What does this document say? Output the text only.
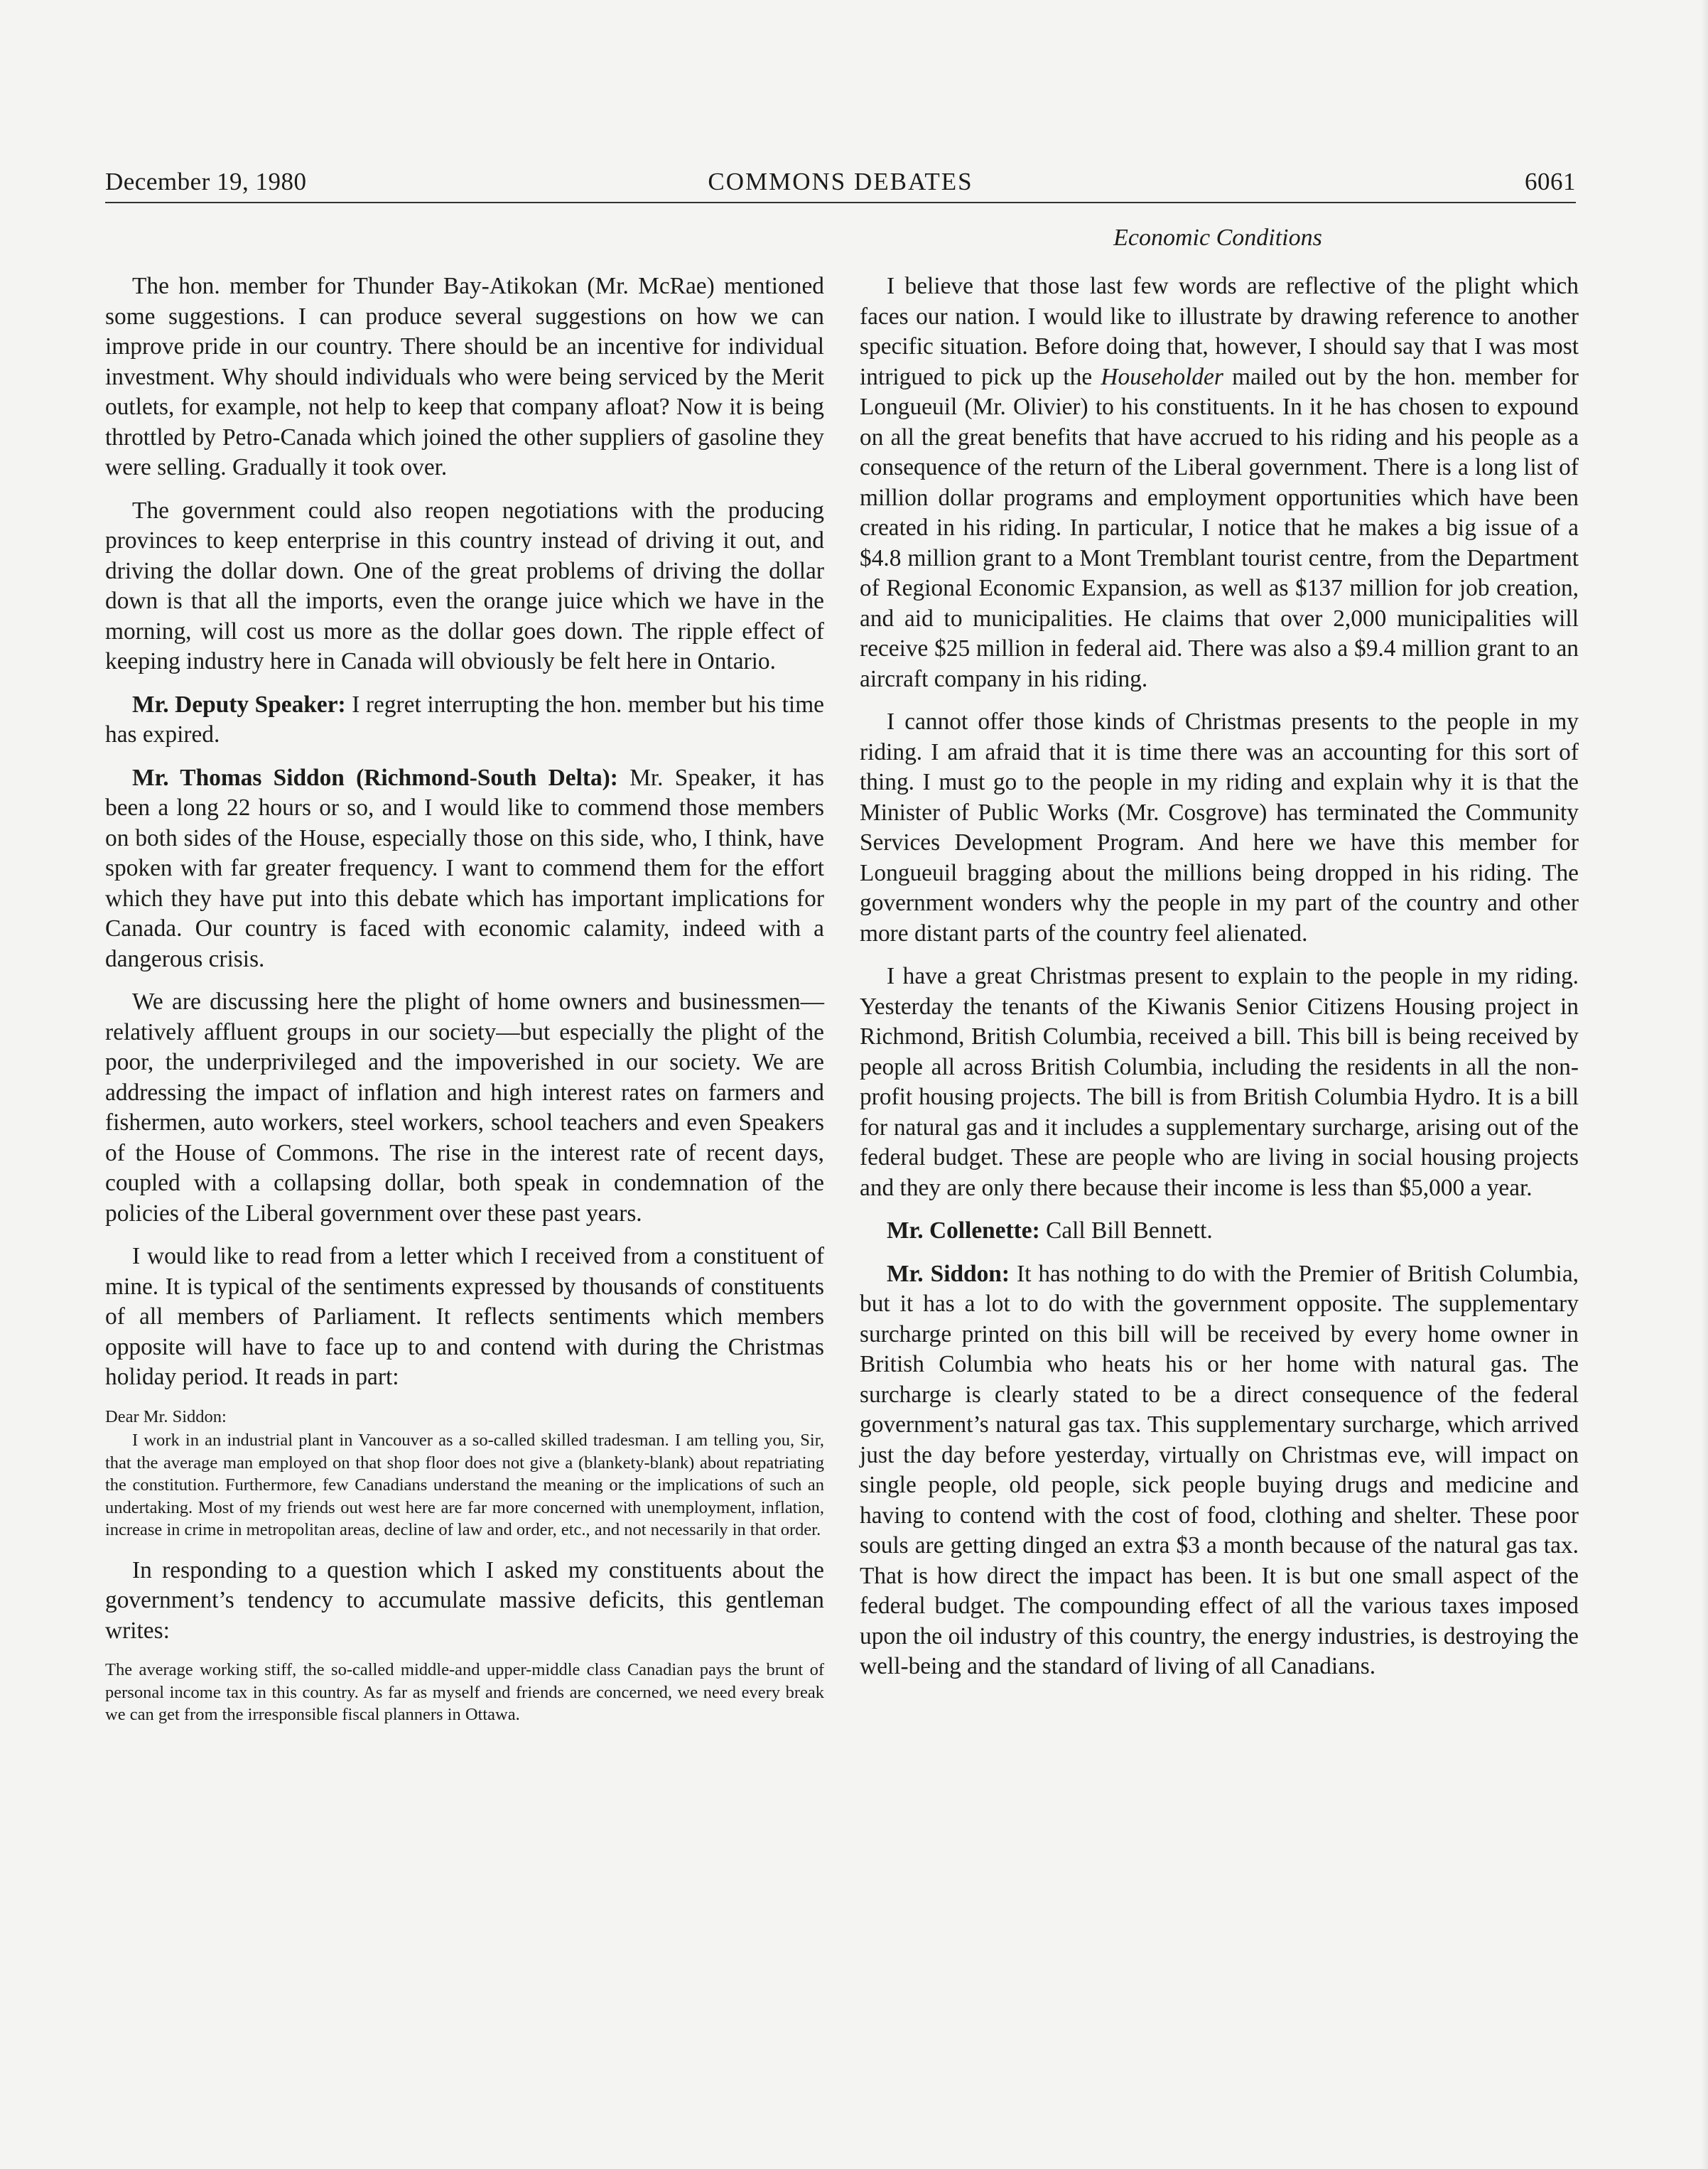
December 19, 1980	COMMONS DEBATES	6061
Economic Conditions

The hon. member for Thunder Bay-Atikokan (Mr. McRae) mentioned some suggestions. I can produce several suggestions on how we can improve pride in our country. There should be an incentive for individual investment. Why should individuals who were being serviced by the Merit outlets, for example, not help to keep that company afloat? Now it is being throttled by Petro-Canada which joined the other suppliers of gasoline they were selling. Gradually it took over.

The government could also reopen negotiations with the producing provinces to keep enterprise in this country instead of driving it out, and driving the dollar down. One of the great problems of driving the dollar down is that all the imports, even the orange juice which we have in the morning, will cost us more as the dollar goes down. The ripple effect of keeping industry here in Canada will obviously be felt here in Ontario.

Mr. Deputy Speaker: I regret interrupting the hon. member but his time has expired.

Mr. Thomas Siddon (Richmond-South Delta): Mr. Speaker, it has been a long 22 hours or so, and I would like to commend those members on both sides of the House, especially those on this side, who, I think, have spoken with far greater frequency. I want to commend them for the effort which they have put into this debate which has important implications for Canada. Our country is faced with economic calamity, indeed with a dangerous crisis.

We are discussing here the plight of home owners and businessmen—relatively affluent groups in our society—but especially the plight of the poor, the underprivileged and the impoverished in our society. We are addressing the impact of inflation and high interest rates on farmers and fishermen, auto workers, steel workers, school teachers and even Speakers of the House of Commons. The rise in the interest rate of recent days, coupled with a collapsing dollar, both speak in condemnation of the policies of the Liberal government over these past years.

I would like to read from a letter which I received from a constituent of mine. It is typical of the sentiments expressed by thousands of constituents of all members of Parliament. It reflects sentiments which members opposite will have to face up to and contend with during the Christmas holiday period. It reads in part:

Dear Mr. Siddon:

I work in an industrial plant in Vancouver as a so-called skilled tradesman. I am telling you, Sir, that the average man employed on that shop floor does not give a (blankety-blank) about repatriating the constitution. Furthermore, few Canadians understand the meaning or the implications of such an undertaking. Most of my friends out west here are far more concerned with unemployment, inflation, increase in crime in metropolitan areas, decline of law and order, etc., and not necessarily in that order.

In responding to a question which I asked my constituents about the government’s tendency to accumulate massive deficits, this gentleman writes:

The average working stiff, the so-called middle-and upper-middle class Canadian pays the brunt of personal income tax in this country. As far as myself and friends are concerned, we need every break we can get from the irresponsible fiscal planners in Ottawa.

I believe that those last few words are reflective of the plight which faces our nation. I would like to illustrate by drawing reference to another specific situation. Before doing that, however, I should say that I was most intrigued to pick up the Householder mailed out by the hon. member for Longueuil (Mr. Olivier) to his constituents. In it he has chosen to expound on all the great benefits that have accrued to his riding and his people as a consequence of the return of the Liberal government. There is a long list of million dollar programs and employment opportunities which have been created in his riding. In particular, I notice that he makes a big issue of a $4.8 million grant to a Mont Tremblant tourist centre, from the Department of Regional Economic Expansion, as well as $137 million for job creation, and aid to municipalities. He claims that over 2,000 municipalities will receive $25 million in federal aid. There was also a $9.4 million grant to an aircraft company in his riding.

I cannot offer those kinds of Christmas presents to the people in my riding. I am afraid that it is time there was an accounting for this sort of thing. I must go to the people in my riding and explain why it is that the Minister of Public Works (Mr. Cosgrove) has terminated the Community Services Development Program. And here we have this member for Longueuil bragging about the millions being dropped in his riding. The government wonders why the people in my part of the country and other more distant parts of the country feel alienated.

I have a great Christmas present to explain to the people in my riding. Yesterday the tenants of the Kiwanis Senior Citizens Housing project in Richmond, British Columbia, received a bill. This bill is being received by people all across British Columbia, including the residents in all the non-profit housing projects. The bill is from British Columbia Hydro. It is a bill for natural gas and it includes a supplementary surcharge, arising out of the federal budget. These are people who are living in social housing projects and they are only there because their income is less than $5,000 a year.

Mr. Collenette: Call Bill Bennett.

Mr. Siddon: It has nothing to do with the Premier of British Columbia, but it has a lot to do with the government opposite. The supplementary surcharge printed on this bill will be received by every home owner in British Columbia who heats his or her home with natural gas. The surcharge is clearly stated to be a direct consequence of the federal government’s natural gas tax. This supplementary surcharge, which arrived just the day before yesterday, virtually on Christmas eve, will impact on single people, old people, sick people buying drugs and medicine and having to contend with the cost of food, clothing and shelter. These poor souls are getting dinged an extra $3 a month because of the natural gas tax. That is how direct the impact has been. It is but one small aspect of the federal budget. The compounding effect of all the various taxes imposed upon the oil industry of this country, the energy industries, is destroying the well-being and the standard of living of all Canadians.
